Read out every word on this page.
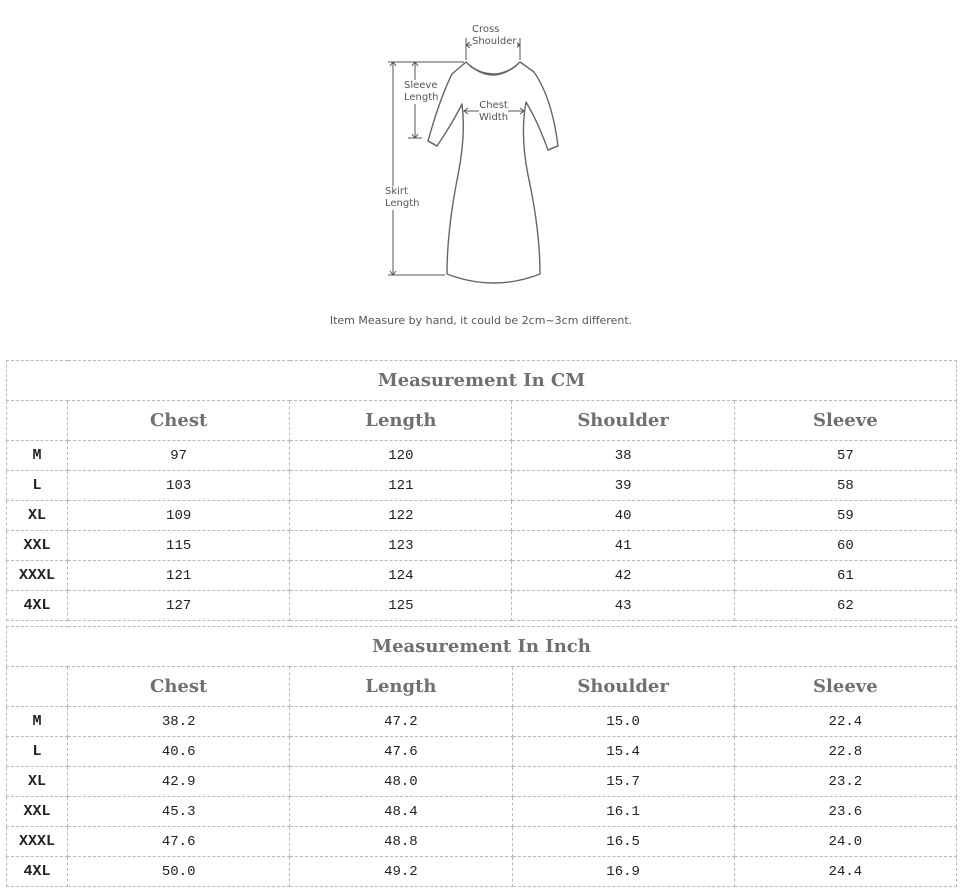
Cross
Shoulder
Sleeve
Length
Chest
Width
Skirt
Length
Item Measure by hand, it could be 2cm~3cm different.
Measurement In CM				
	Chest	Length	Shoulder	Sleeve
M	97	120	38	57
L	103	121	39	58
XL	109	122	40	59
XXL	115	123	41	60
XXXL	121	124	42	61
4XL	127	125	43	62
Measurement In Inch				
	Chest	Length	Shoulder	Sleeve
M	38.2	47.2	15.0	22.4
L	40.6	47.6	15.4	22.8
XL	42.9	48.0	15.7	23.2
XXL	45.3	48.4	16.1	23.6
XXXL	47.6	48.8	16.5	24.0
4XL	50.0	49.2	16.9	24.4
